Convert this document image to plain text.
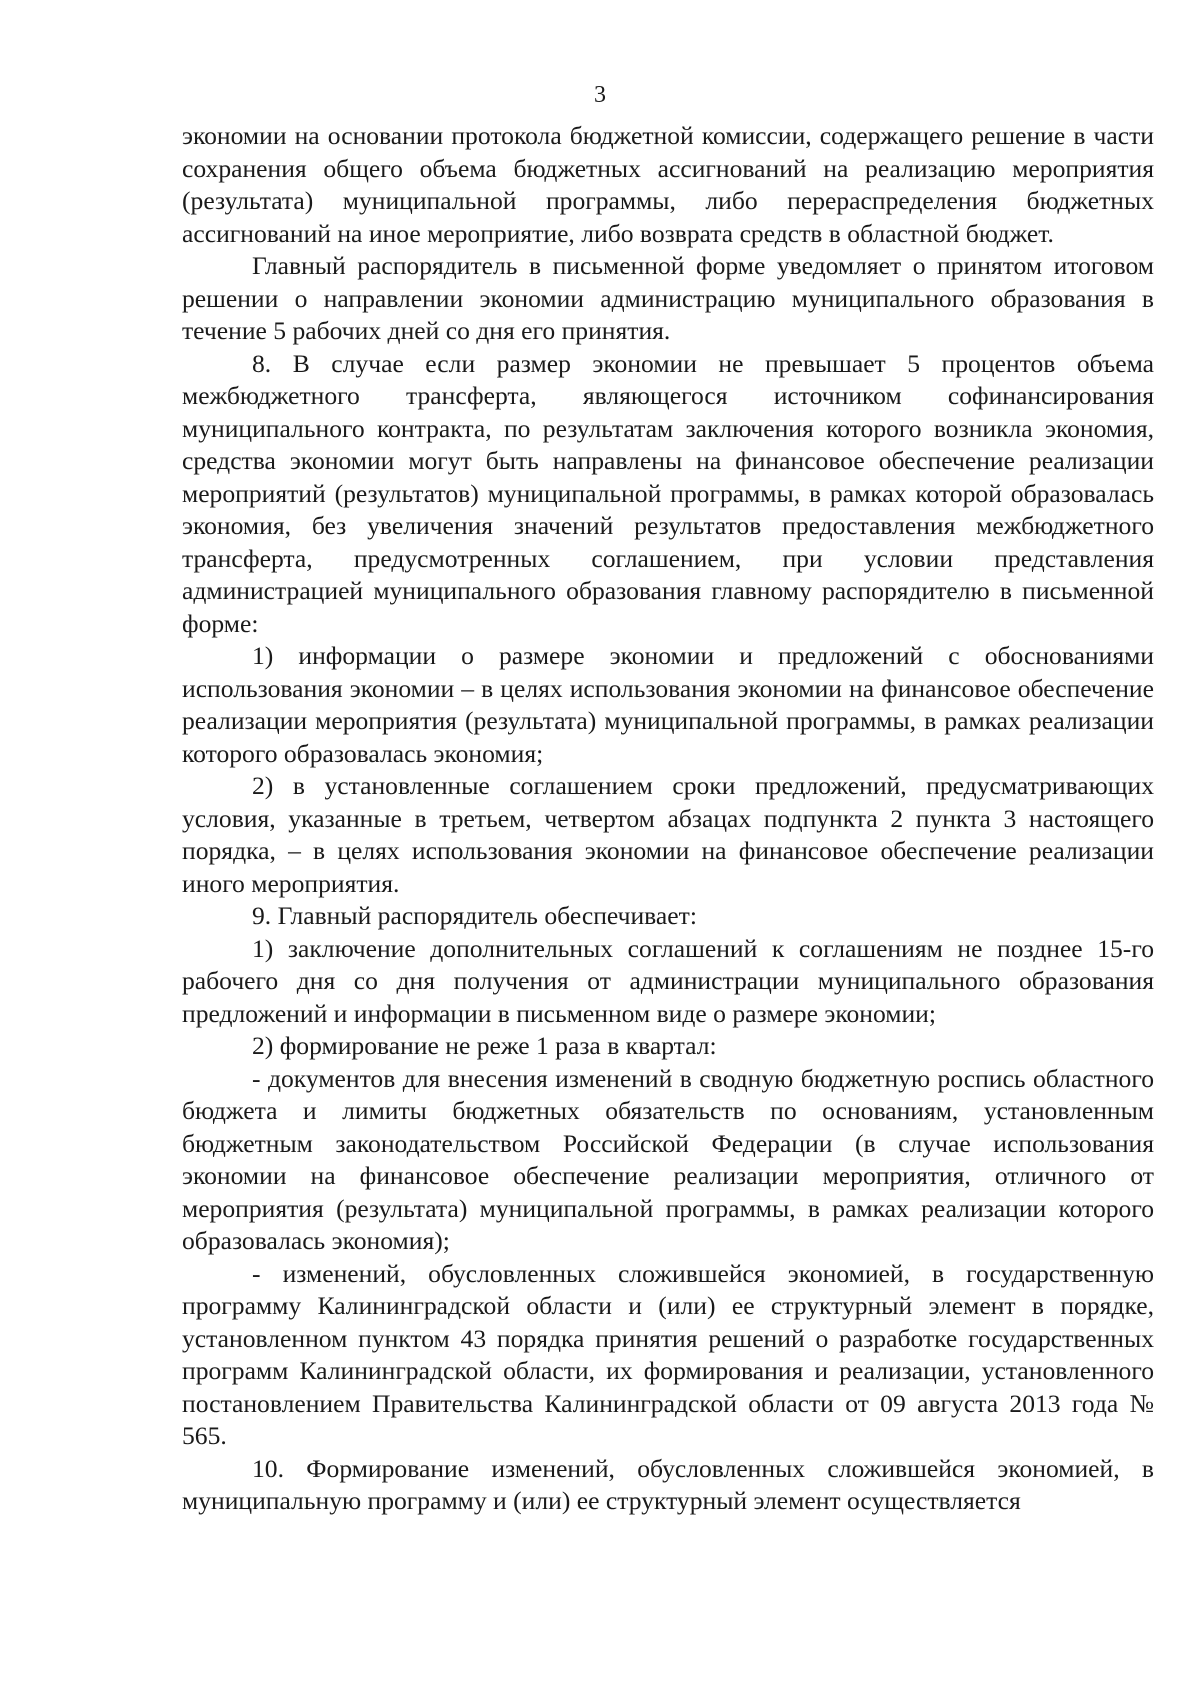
3

экономии на основании протокола бюджетной комиссии, содержащего решение в части сохранения общего объема бюджетных ассигнований на реализацию мероприятия (результата) муниципальной программы, либо перераспределения бюджетных ассигнований на иное мероприятие, либо возврата средств в областной бюджет.

Главный распорядитель в письменной форме уведомляет о принятом итоговом решении о направлении экономии администрацию муниципального образования в течение 5 рабочих дней со дня его принятия.

8. В случае если размер экономии не превышает 5 процентов объема межбюджетного трансферта, являющегося источником софинансирования муниципального контракта, по результатам заключения которого возникла экономия, средства экономии могут быть направлены на финансовое обеспечение реализации мероприятий (результатов) муниципальной программы, в рамках которой образовалась экономия, без увеличения значений результатов предоставления межбюджетного трансферта, предусмотренных соглашением, при условии представления администрацией муниципального образования главному распорядителю в письменной форме:

1) информации о размере экономии и предложений с обоснованиями использования экономии – в целях использования экономии на финансовое обеспечение реализации мероприятия (результата) муниципальной программы, в рамках реализации которого образовалась экономия;

2) в установленные соглашением сроки предложений, предусматривающих условия, указанные в третьем, четвертом абзацах подпункта 2 пункта 3 настоящего порядка, – в целях использования экономии на финансовое обеспечение реализации иного мероприятия.

9. Главный распорядитель обеспечивает:

1) заключение дополнительных соглашений к соглашениям не позднее 15-го рабочего дня со дня получения от администрации муниципального образования предложений и информации в письменном виде о размере экономии;

2) формирование не реже 1 раза в квартал:

- документов для внесения изменений в сводную бюджетную роспись областного бюджета и лимиты бюджетных обязательств по основаниям, установленным бюджетным законодательством Российской Федерации (в случае использования экономии на финансовое обеспечение реализации мероприятия, отличного от мероприятия (результата) муниципальной программы, в рамках реализации которого образовалась экономия);

- изменений, обусловленных сложившейся экономией, в государственную программу Калининградской области и (или) ее структурный элемент в порядке, установленном пунктом 43 порядка принятия решений о разработке государственных программ Калининградской области, их формирования и реализации, установленного постановлением Правительства Калининградской области от 09 августа 2013 года № 565.

10. Формирование изменений, обусловленных сложившейся экономией, в муниципальную программу и (или) ее структурный элемент осуществляется
